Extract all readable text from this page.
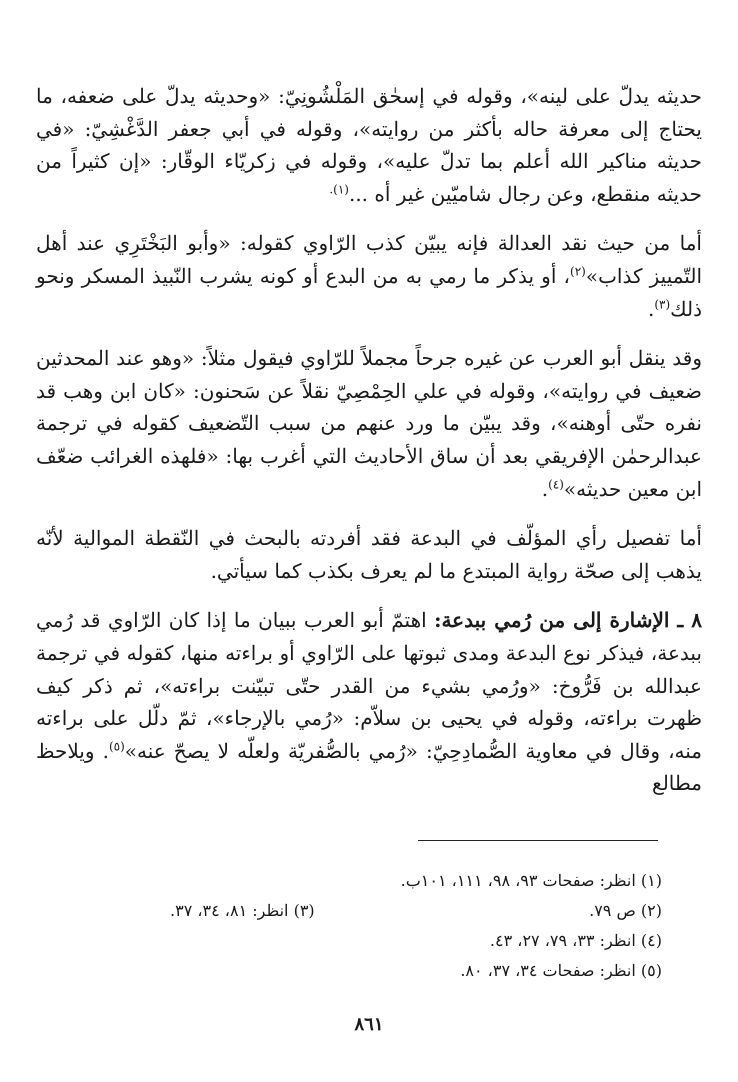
حديثه يدلّ على لينه»، وقوله في إسحٰق المَلْشُونِيّ: «وحديثه يدلّ على ضعفه، ما يحتاج إلى معرفة حاله بأكثر من روايته»، وقوله في أبي جعفر الدَّغْشِيّ: «في حديثه مناكير الله أعلم بما تدلّ عليه»، وقوله في زكريّاء الوقّار: «إن كثيراً من حديثه منقطع، وعن رجال شاميّين غير أه ...$^{(١).}$

أما من حيث نقد العدالة فإنه يبيّن كذب الرّاوي كقوله: «وأبو البَخْتَرِي عند أهل التّمييز كذاب»$^{(٢)}$، أو يذكر ما رمي به من البدع أو كونه يشرب النّبيذ المسكر ونحو ذلك$^{(٣)}$.

وقد ينقل أبو العرب عن غيره جرحاً مجملاً للرّاوي فيقول مثلاً: «وهو عند المحدثين ضعيف في روايته»، وقوله في علي الحِمْصِيّ نقلاً عن سَحنون: «كان ابن وهب قد نفره حتّى أوهنه»، وقد يبيّن ما ورد عنهم من سبب التّضعيف كقوله في ترجمة عبدالرحمٰن الإفريقي بعد أن ساق الأحاديث التي أغرب بها: «فلهذه الغرائب ضعّف ابن معين حديثه»$^{(٤)}$.

أما تفصيل رأي المؤلّف في البدعة فقد أفردته بالبحث في النّقطة الموالية لأنّه يذهب إلى صحّة رواية المبتدع ما لم يعرف بكذب كما سيأتي.

٨ ـ الإشارة إلى من رُمي ببدعة: اهتمّ أبو العرب ببيان ما إذا كان الرّاوي قد رُمي ببدعة، فيذكر نوع البدعة ومدى ثبوتها على الرّاوي أو براءته منها، كقوله في ترجمة عبدالله بن فَرُّوخ: «ورُمي بشيء من القدر حتّى تبيّنت براءته»، ثم ذكر كيف ظهرت براءته، وقوله في يحيى بن سلاّم: «رُمي بالإرجاء»، ثمّ دلّل على براءته منه، وقال في معاوية الصُّمادِحِيّ: «رُمي بالصُّفريّة ولعلّه لا يصحّ عنه»$^{(٥)}$. ويلاحظ مطالع

(١) انظر: صفحات ٩٣، ٩٨، ١١١، ١٠١ب.
(٢) ص ٧٩.
(٣) انظر: ٨١، ٣٤، ٣٧.
(٤) انظر: ٣٣، ٧٩، ٢٧، ٤٣.
(٥) انظر: صفحات ٣٤، ٣٧، ٨٠.
٨٦١
